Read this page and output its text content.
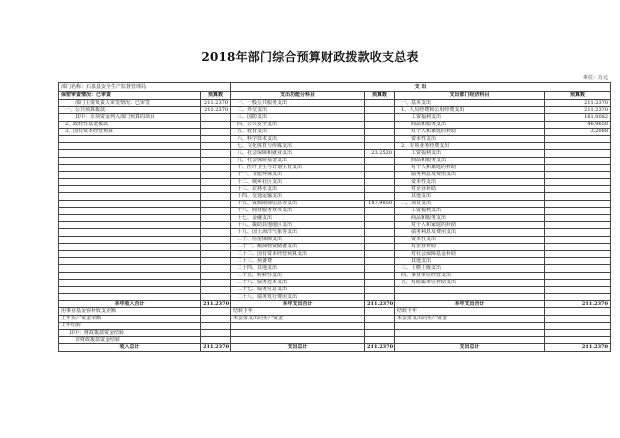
2018年部门综合预算财政拨款收支总表
单位：万元
部门名称：石泉县安全生产监督管理局		支 出			
保密审查情况：已审查	预算数	支出功能分科目	预算数	支出部门经济科目	预算数
部门主要负责人审签情况：已审签	211.2370	一、一般公共服务支出		一、基本支出	211.2370
一、公共预算拨款	211.2370	二、外交支出		1、人员经费和公用经费支出	211.2370
其中：专项资金列入部门预算的项目		三、国防支出		工资福利支出	161.0082
2、政府性基金拨款		四、公共安全支出		商品和服务支出	46.9650
3、国有资本经营预算		五、教育支出		对个人和家庭的补助	3.2088
		六、科学技术支出		资本性支出	
		七、文化体育与传媒支出		2、专项业务经费支出	
		八、社会保障和就业支出	23.2520	工资福利支出	
		九、社会保险基金支出		商品和服务支出	
		十、医疗卫生与计划生育支出		对个人和家庭的补助	
		十一、节能环保支出		债务利息及费用支出	
		十二、城乡社区支出		资本性支出	
		十三、农林水支出		对企业补助	
		十四、交通运输支出		其他支出	
		十五、资源勘探信息等支出	187.9850	二、项目支出	
		十六、商业服务业等支出		工资福利支出	
		十七、金融支出		商品和服务支出	
		十八、援助其他地区支出		对个人和家庭的补助	
		十九、国土海洋气象等支出		债务利息及费用支出	
		二十、住房保障支出		资本性支出	
		二十一、粮油物资储备支出		对企业补助	
		二十二、国有资本经营预算支出		对社会保障基金补助	
		二十三、预备费		其他支出	
		二十四、其他支出		三、上缴上级支出	
		二十五、转移性支出		四、事业单位经营支出	
		二十六、债务还本支出		五、对附属单位补助支出	
		二十七、债务付息支出			
		二十八、债务发行费用支出			
本年收入合计	211.2370	本年支出合计	211.2370	本年支出合计	211.2370
用事业基金弥补收支差额		结转下年		结转下年	
上年实户资金余额		未安排支出的实户资金		未安排支出的实户资金	
上年结转					
其中：财政拨款资金结转					
非财政拨款资金结转					
收入总计	211.2370	支出总计	211.2370	支出总计	211.2370
